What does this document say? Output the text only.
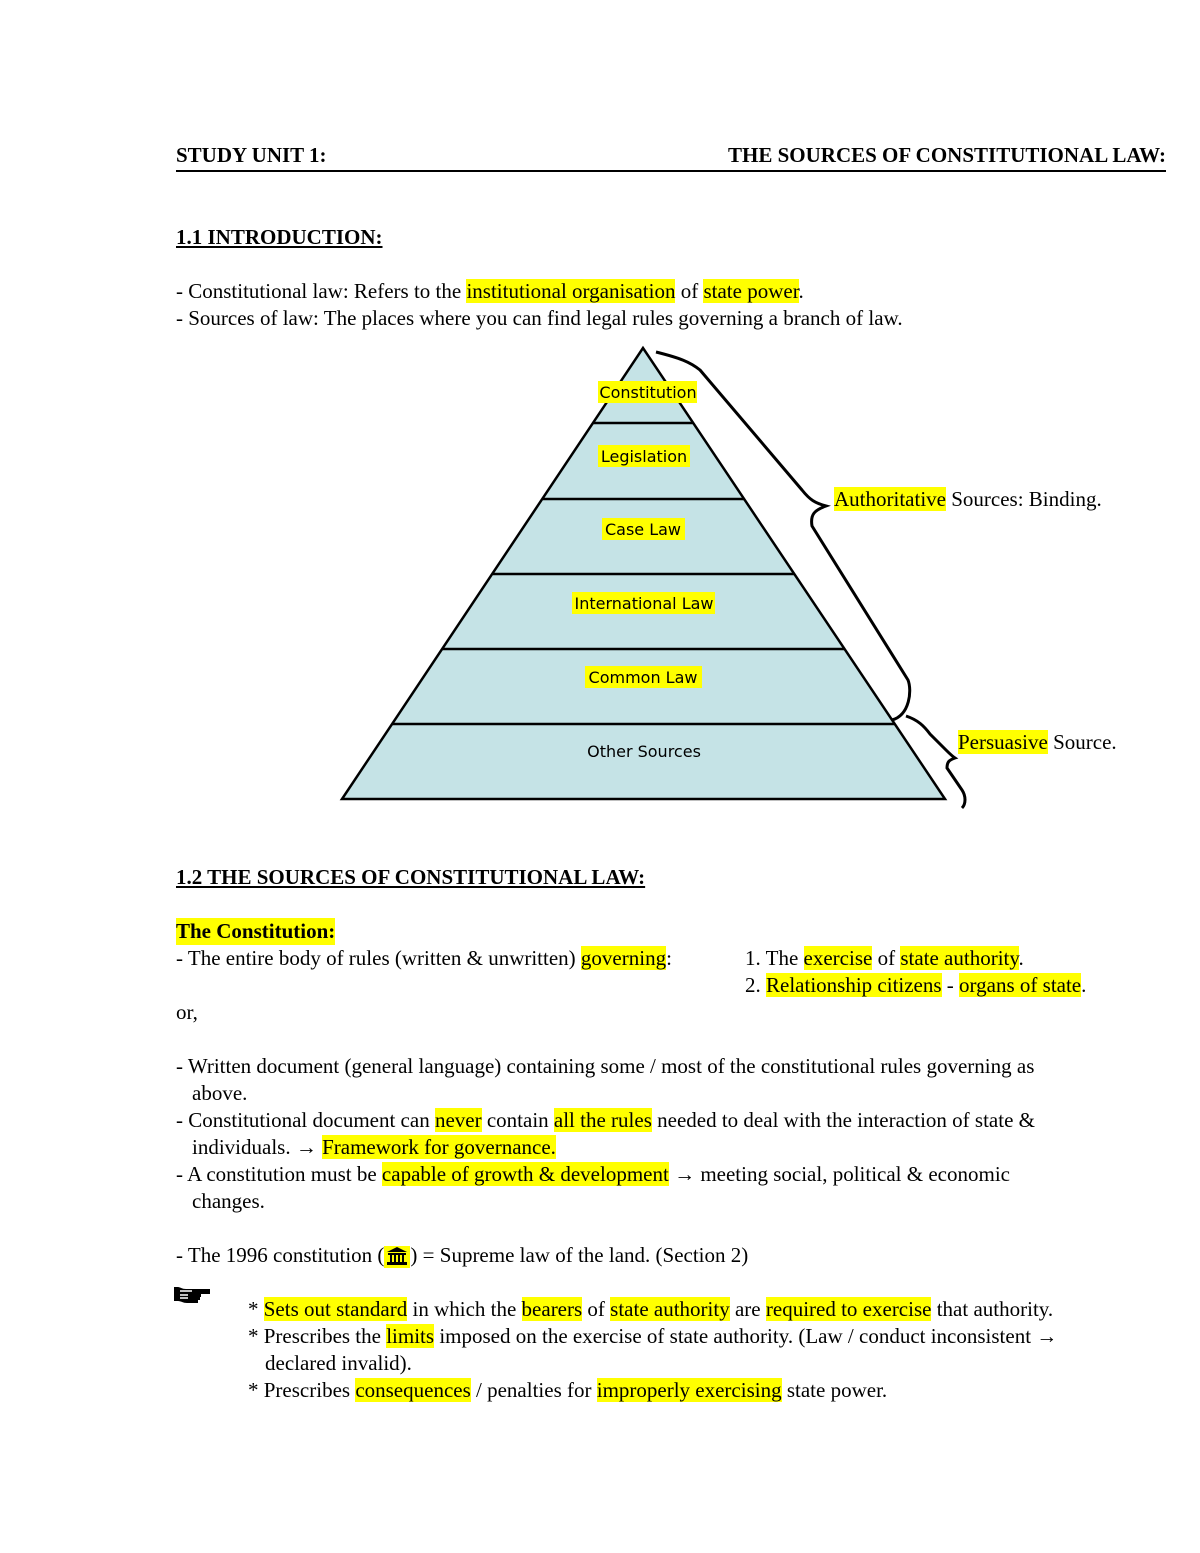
STUDY UNIT 1:	THE SOURCES OF CONSTITUTIONAL LAW:
1.1 INTRODUCTION:
- Constitutional law: Refers to the institutional organisation of state power.
- Sources of law: The places where you can find legal rules governing a branch of law.
Constitution
Legislation
Case Law
International Law
Common Law
Other Sources
Authoritative Sources: Binding.
Persuasive Source.
1.2 THE SOURCES OF CONSTITUTIONAL LAW:
The Constitution:
- The entire body of rules (written & unwritten) governing:	1. The exercise of state authority.
2. Relationship citizens - organs of state.
or,
- Written document (general language) containing some / most of the constitutional rules governing as
above.
- Constitutional document can never contain all the rules needed to deal with the interaction of state &
individuals. → Framework for governance.
- A constitution must be capable of growth & development → meeting social, political & economic
changes.
- The 1996 constitution ( ) = Supreme law of the land. (Section 2)
* Sets out standard in which the bearers of state authority are required to exercise that authority.
* Prescribes the limits imposed on the exercise of state authority. (Law / conduct inconsistent →
declared invalid).
* Prescribes consequences / penalties for improperly exercising state power.
